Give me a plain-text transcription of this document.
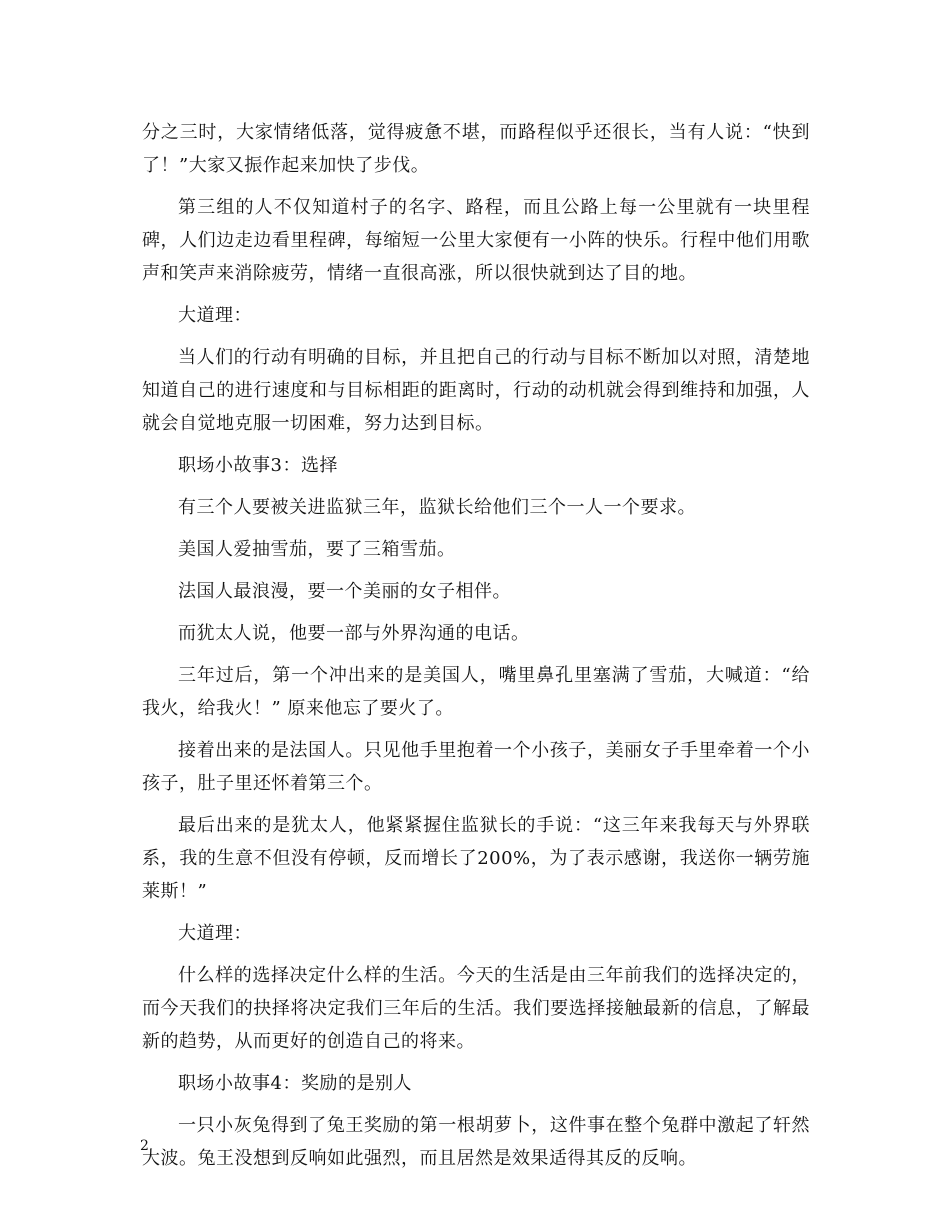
分之三时，大家情绪低落，觉得疲惫不堪，而路程似乎还很长，当有人说：“快到了！”大家又振作起来加快了步伐。

第三组的人不仅知道村子的名字、路程，而且公路上每一公里就有一块里程碑，人们边走边看里程碑，每缩短一公里大家便有一小阵的快乐。行程中他们用歌声和笑声来消除疲劳，情绪一直很高涨，所以很快就到达了目的地。

大道理：

当人们的行动有明确的目标，并且把自己的行动与目标不断加以对照，清楚地知道自己的进行速度和与目标相距的距离时，行动的动机就会得到维持和加强，人就会自觉地克服一切困难，努力达到目标。

职场小故事3：选择

有三个人要被关进监狱三年，监狱长给他们三个一人一个要求。

美国人爱抽雪茄，要了三箱雪茄。

法国人最浪漫，要一个美丽的女子相伴。

而犹太人说，他要一部与外界沟通的电话。

三年过后，第一个冲出来的是美国人，嘴里鼻孔里塞满了雪茄，大喊道：“给我火，给我火！” 原来他忘了要火了。

接着出来的是法国人。只见他手里抱着一个小孩子，美丽女子手里牵着一个小孩子，肚子里还怀着第三个。

最后出来的是犹太人，他紧紧握住监狱长的手说：“这三年来我每天与外界联系，我的生意不但没有停顿，反而增长了200%，为了表示感谢，我送你一辆劳施莱斯！”

大道理：

什么样的选择决定什么样的生活。今天的生活是由三年前我们的选择决定的，而今天我们的抉择将决定我们三年后的生活。我们要选择接触最新的信息，了解最新的趋势，从而更好的创造自己的将来。

职场小故事4：奖励的是别人

一只小灰兔得到了兔王奖励的第一根胡萝卜，这件事在整个兔群中激起了轩然大波。兔王没想到反响如此强烈，而且居然是效果适得其反的反响。

2
